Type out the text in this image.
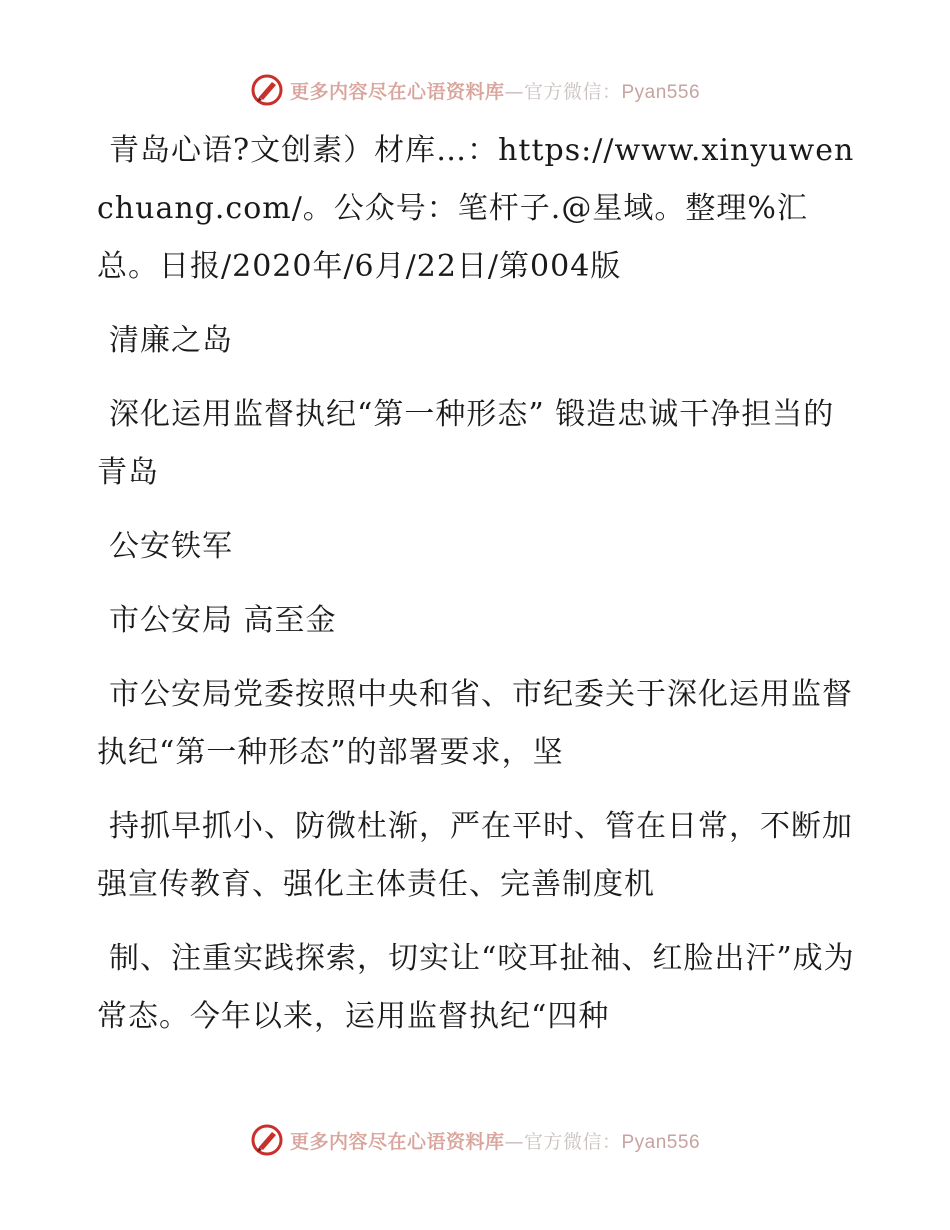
更多内容尽在心语资料库—官方微信：Pyan556

青岛心语?文创素）材库…：https://www.xinyuwenchuang.com/。公众号：笔杆子.@星域。整理%汇总。日报/2020年/6月/22日/第004版

清廉之岛

深化运用监督执纪“第一种形态” 锻造忠诚干净担当的青岛

公安铁军

市公安局 高至金

市公安局党委按照中央和省、市纪委关于深化运用监督执纪“第一种形态”的部署要求，坚

持抓早抓小、防微杜渐，严在平时、管在日常，不断加强宣传教育、强化主体责任、完善制度机

制、注重实践探索，切实让“咬耳扯袖、红脸出汗”成为常态。今年以来，运用监督执纪“四种

更多内容尽在心语资料库—官方微信：Pyan556
